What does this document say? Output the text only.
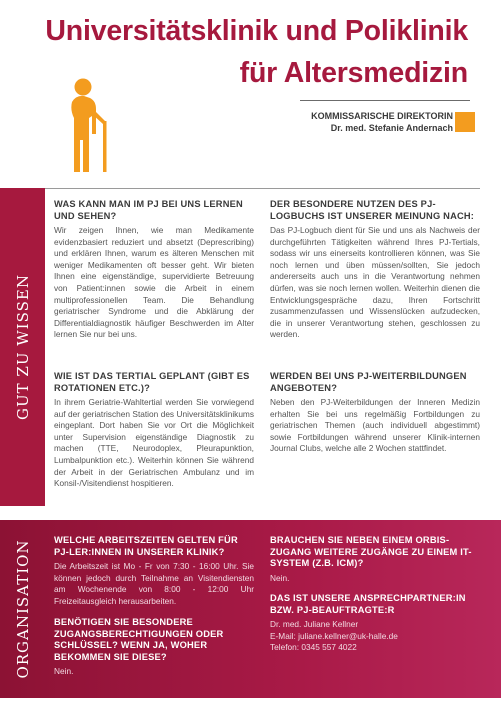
Universitätsklinik und Poliklinik
für Altersmedizin
KOMMISSARISCHE DIREKTORIN
Dr. med. Stefanie Andernach
GUT ZU WISSEN
WAS KANN MAN IM PJ BEI UNS LERNEN UND SEHEN?
Wir zeigen Ihnen, wie man Medikamente evidenzbasiert reduziert und absetzt (Deprescribing) und erklären Ihnen, warum es älteren Menschen mit weniger Medikamenten oft besser geht. Wir bieten Ihnen eine eigenständige, supervidierte Betreuung von Patient:innen sowie die Arbeit in einem multiprofessionellen Team. Die Behandlung geriatrischer Syndrome und die Abklärung der Differentialdiagnostik häufiger Beschwerden im Alter lernen Sie nur bei uns.
DER BESONDERE NUTZEN DES PJ-LOGBUCHS IST UNSERER MEINUNG NACH:
Das PJ-Logbuch dient für Sie und uns als Nachweis der durchgeführten Tätigkeiten während Ihres PJ-Tertials, sodass wir uns einerseits kontrollieren können, was Sie noch lernen und üben müssen/sollten, Sie jedoch andererseits auch uns in die Verantwortung nehmen dürfen, was sie noch lernen wollen. Weiterhin dienen die Entwicklungsgespräche dazu, Ihren Fortschritt zusammenzufassen und Wissenslücken aufzudecken, die in unserer Verantwortung stehen, geschlossen zu werden.
WIE IST DAS TERTIAL GEPLANT (GIBT ES ROTATIONEN ETC.)?
In ihrem Geriatrie-Wahltertial werden Sie vorwiegend auf der geriatrischen Station des Universitätsklinikums eingeplant. Dort haben Sie vor Ort die Möglichkeit unter Supervision eigenständige Diagnostik zu machen (TTE, Neurodoplex, Pleurapunktion, Lumbalpunktion etc.). Weiterhin können Sie während der Arbeit in der Geriatrischen Ambulanz und im Konsil-/Visitendienst hospitieren.
WERDEN BEI UNS PJ-WEITERBILDUNGEN ANGEBOTEN?
Neben den PJ-Weiterbildungen der Inneren Medizin erhalten Sie bei uns regelmäßig Fortbildungen zu geriatrischen Themen (auch individuell abgestimmt) sowie Fortbildungen während unserer Klinik-internen Journal Clubs, welche alle 2 Wochen stattfindet.
ORGANISATION WELCHE ARBEITSZEITEN GELTEN FÜR PJ-LER:INNEN IN UNSERER KLINIK?
Die Arbeitszeit ist Mo - Fr von 7:30 - 16:00 Uhr. Sie können jedoch durch Teilnahme an Visitendiensten am Wochenende von 8:00 - 12:00 Uhr Freizeitausgleich herausarbeiten.
BENÖTIGEN SIE BESONDERE ZUGANGSBERECHTIGUNGEN ODER SCHLÜSSEL? WENN JA, WOHER BEKOMMEN SIE DIESE?
Nein.
BRAUCHEN SIE NEBEN EINEM ORBIS-ZUGANG WEITERE ZUGÄNGE ZU EINEM IT-SYSTEM (Z.B. ICM)?
Nein.
DAS IST UNSERE ANSPRECHPARTNER:IN BZW. PJ-BEAUFTRAGTE:R
Dr. med. Juliane Kellner
E-Mail: juliane.kellner@uk-halle.de
Telefon: 0345 557 4022
